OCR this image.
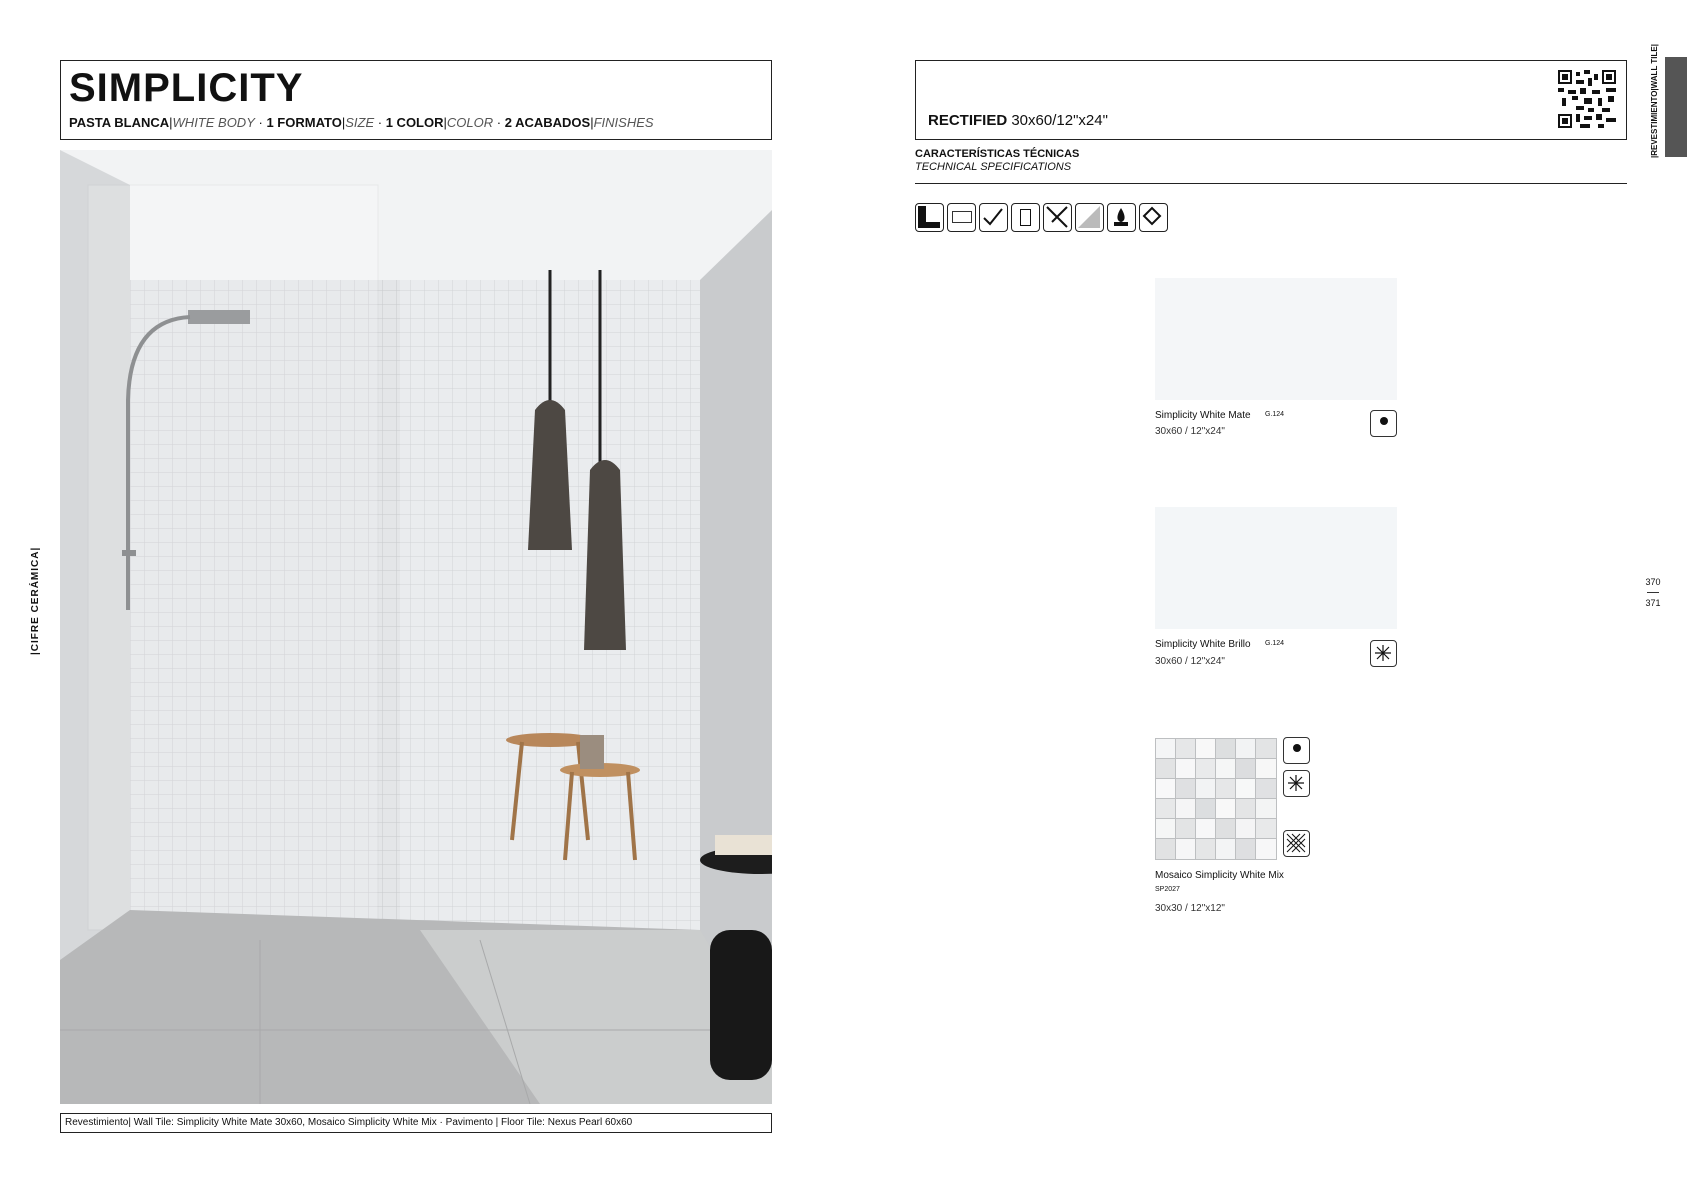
SIMPLICITY
PASTA BLANCA|WHITE BODY · 1 FORMATO|SIZE · 1 COLOR|COLOR · 2 ACABADOS|FINISHES
Revestimiento| Wall Tile: Simplicity White Mate 30x60, Mosaico Simplicity White Mix · Pavimento | Floor Tile: Nexus Pearl 60x60
|CIFRE CERÁMICA|
RECTIFIED 30x60/12"x24"	|REVESTIMIENTO|WALL TILE|
CARACTERÍSTICAS TÉCNICAS
TECHNICAL SPECIFICATIONS
370
371
Simplicity White Mate G.124
30x60 / 12"x24"
Simplicity White Brillo G.124
30x60 / 12"x24"
Mosaico Simplicity White Mix
SP2027
30x30 / 12"x12"
